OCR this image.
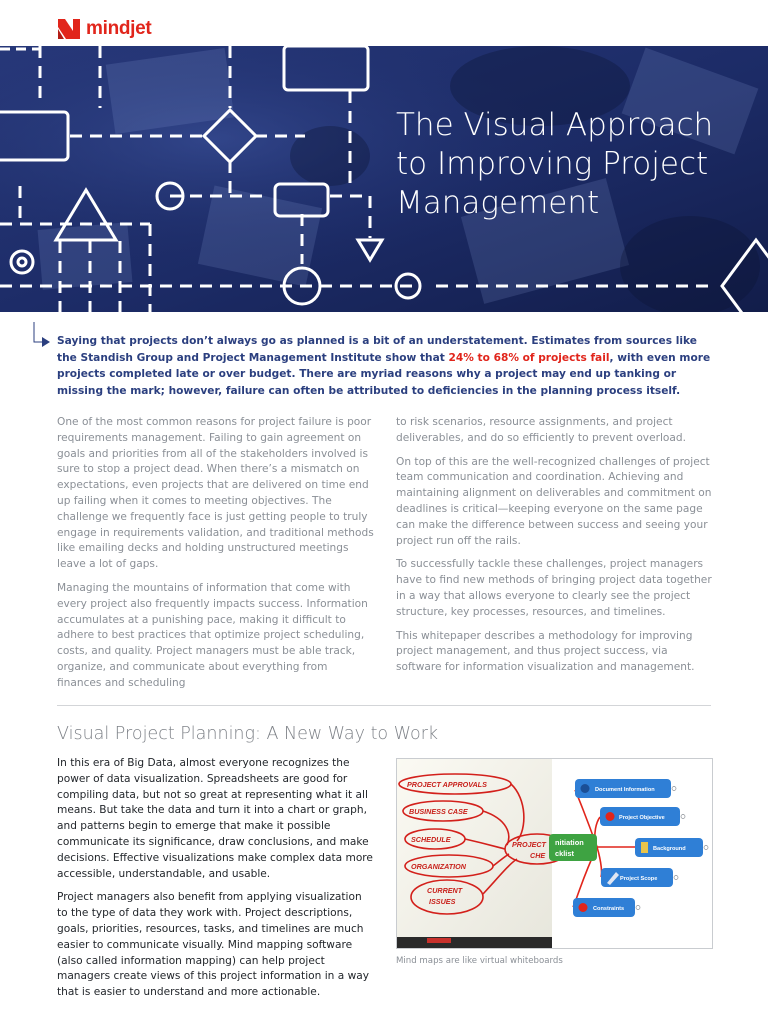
mindjet
The Visual Approach
to Improving Project
Management

Saying that projects don’t always go as planned is a bit of an understatement. Estimates from sources like the Standish Group and Project Management Institute show that 24% to 68% of projects fail, with even more projects completed late or over budget. There are myriad reasons why a project may end up tanking or missing the mark; however, failure can often be attributed to deficiencies in the planning process itself.

One of the most common reasons for project failure is poor requirements management. Failing to gain agreement on goals and priorities from all of the stakeholders involved is sure to stop a project dead. When there’s a mismatch on expectations, even projects that are delivered on time end up failing when it comes to meeting objectives. The challenge we frequently face is just getting people to truly engage in requirements validation, and traditional methods like emailing decks and holding unstructured meetings leave a lot of gaps.

Managing the mountains of information that come with every project also frequently impacts success. Information accumulates at a punishing pace, making it difficult to adhere to best practices that optimize project scheduling, costs, and quality. Project managers must be able track, organize, and communicate about everything from finances and scheduling

to risk scenarios, resource assignments, and project deliverables, and do so efficiently to prevent overload.

On top of this are the well-recognized challenges of project team communication and coordination. Achieving and maintaining alignment on deliverables and commitment on deadlines is critical—keeping everyone on the same page can make the difference between success and seeing your project run off the rails.

To successfully tackle these challenges, project managers have to find new methods of bringing project data together in a way that allows everyone to clearly see the project structure, key processes, resources, and timelines.

This whitepaper describes a methodology for improving project management, and thus project success, via software for information visualization and management.

Visual Project Planning: A New Way to Work

In this era of Big Data, almost everyone recognizes the power of data visualization. Spreadsheets are good for compiling data, but not so great at representing what it all means. But take the data and turn it into a chart or graph, and patterns begin to emerge that make it possible communicate its significance, draw conclusions, and make decisions. Effective visualizations make complex data more accessible, understandable, and usable.

Project managers also benefit from applying visualization to the type of data they work with. Project descriptions, goals, priorities, resources, tasks, and timelines are much easier to communicate visually. Mind mapping software (also called information mapping) can help project managers create views of this project information in a way that is easier to understand and more actionable.

PROJECT APPROVALS
BUSINESS CASE
SCHEDULE
ORGANIZATION
CURRENT
ISSUES
PROJECT
CHE
nitiation
cklist
Document Information
Project Objective
Background
Project Scope
Constraints

Mind maps are like virtual whiteboards
